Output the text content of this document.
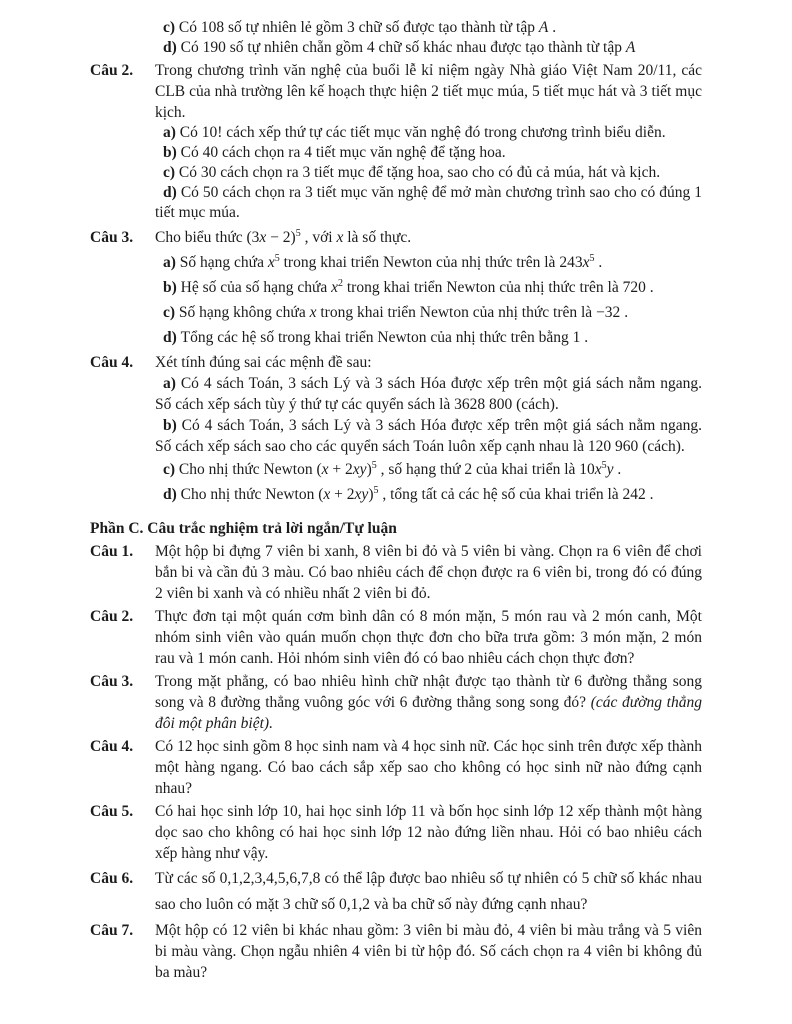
c) Có 108 số tự nhiên lẻ gồm 3 chữ số được tạo thành từ tập A .
d) Có 190 số tự nhiên chẵn gồm 4 chữ số khác nhau được tạo thành từ tập A
Câu 2.	Trong chương trình văn nghệ của buổi lễ kỉ niệm ngày Nhà giáo Việt Nam 20/11, các CLB của nhà trường lên kế hoạch thực hiện 2 tiết mục múa, 5 tiết mục hát và 3 tiết mục kịch.
a) Có 10! cách xếp thứ tự các tiết mục văn nghệ đó trong chương trình biểu diễn.
b) Có 40 cách chọn ra 4 tiết mục văn nghệ để tặng hoa.
c) Có 30 cách chọn ra 3 tiết mục để tặng hoa, sao cho có đủ cả múa, hát và kịch.
d) Có 50 cách chọn ra 3 tiết mục văn nghệ để mở màn chương trình sao cho có đúng 1 tiết mục múa.
Câu 3.	Cho biểu thức $(3x - 2)^5$ , với x là số thực.
a) Số hạng chứa $x^5$ trong khai triển Newton của nhị thức trên là $243x^5$ .
b) Hệ số của số hạng chứa $x^2$ trong khai triển Newton của nhị thức trên là 720 .
c) Số hạng không chứa x trong khai triển Newton của nhị thức trên là −32 .
d) Tổng các hệ số trong khai triển Newton của nhị thức trên bằng 1 .
Câu 4.	Xét tính đúng sai các mệnh đề sau:
a) Có 4 sách Toán, 3 sách Lý và 3 sách Hóa được xếp trên một giá sách nằm ngang. Số cách xếp sách tùy ý thứ tự các quyển sách là 3628 800 (cách).
b) Có 4 sách Toán, 3 sách Lý và 3 sách Hóa được xếp trên một giá sách nằm ngang. Số cách xếp sách sao cho các quyển sách Toán luôn xếp cạnh nhau là 120 960 (cách).
c) Cho nhị thức Newton $(x + 2xy)^5$ , số hạng thứ 2 của khai triển là $10x^5y$ .
d) Cho nhị thức Newton $(x + 2xy)^5$ , tổng tất cả các hệ số của khai triển là 242 .
Phần C. Câu trắc nghiệm trả lời ngắn/Tự luận
Câu 1.	Một hộp bi đựng 7 viên bi xanh, 8 viên bi đỏ và 5 viên bi vàng. Chọn ra 6 viên để chơi bắn bi và cần đủ 3 màu. Có bao nhiêu cách để chọn được ra 6 viên bi, trong đó có đúng 2 viên bi xanh và có nhiều nhất 2 viên bi đỏ.
Câu 2.	Thực đơn tại một quán cơm bình dân có 8 món mặn, 5 món rau và 2 món canh, Một nhóm sinh viên vào quán muốn chọn thực đơn cho bữa trưa gồm: 3 món mặn, 2 món rau và 1 món canh. Hỏi nhóm sinh viên đó có bao nhiêu cách chọn thực đơn?
Câu 3.	Trong mặt phẳng, có bao nhiêu hình chữ nhật được tạo thành từ 6 đường thẳng song song và 8 đường thẳng vuông góc với 6 đường thẳng song song đó? (các đường thẳng đôi một phân biệt).
Câu 4.	Có 12 học sinh gồm 8 học sinh nam và 4 học sinh nữ. Các học sinh trên được xếp thành một hàng ngang. Có bao cách sắp xếp sao cho không có học sinh nữ nào đứng cạnh nhau?
Câu 5.	Có hai học sinh lớp 10, hai học sinh lớp 11 và bốn học sinh lớp 12 xếp thành một hàng dọc sao cho không có hai học sinh lớp 12 nào đứng liền nhau. Hỏi có bao nhiêu cách xếp hàng như vậy.
Câu 6.	Từ các số 0,1,2,3,4,5,6,7,8 có thể lập được bao nhiêu số tự nhiên có 5 chữ số khác nhau sao cho luôn có mặt 3 chữ số 0,1,2 và ba chữ số này đứng cạnh nhau?
Câu 7.	Một hộp có 12 viên bi khác nhau gồm: 3 viên bi màu đỏ, 4 viên bi màu trắng và 5 viên bi màu vàng. Chọn ngẫu nhiên 4 viên bi từ hộp đó. Số cách chọn ra 4 viên bi không đủ ba màu?
